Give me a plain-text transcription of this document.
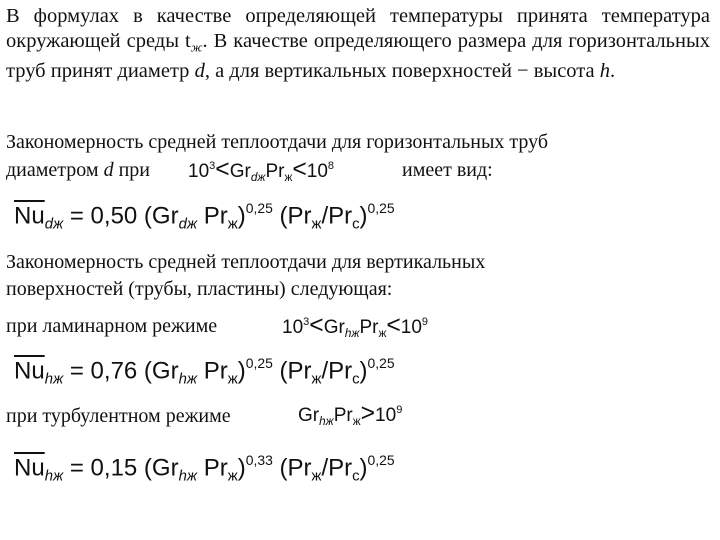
В формулах в качестве определяющей температуры принята температура окружающей среды $t_ж$. В качестве определяющего размера для горизонтальных труб принят диаметр d, а для вертикальных поверхностей − высота h.
Закономерность средней теплоотдачи для горизонтальных труб
диаметром d при $10^3<Gr_{dж}Pr_ж<10^8$	имеет вид:
$\overline{Nu}_{dж} = 0,50$ ($Gr_{dж}$ $Pr_ж)^{0,25}$ $(Pr_ж/Pr_c)^{0,25}$
Закономерность средней теплоотдачи для вертикальных
поверхностей (трубы, пластины) следующая:
при ламинарном режиме	$10^3<Gr_{hж}Pr_ж<10^9$
$\overline{Nu}_{hж} = 0,76$ ($Gr_{hж}$ $Pr_ж)^{0,25}$ $(Pr_ж/Pr_c)^{0,25}$
при турбулентном режиме	$Gr_{hж}Pr_ж>10^9$
$\overline{Nu}_{hж} = 0,15$ ($Gr_{hж}$ $Pr_ж)^{0,33}$ $(Pr_ж/Pr_c)^{0,25}$
